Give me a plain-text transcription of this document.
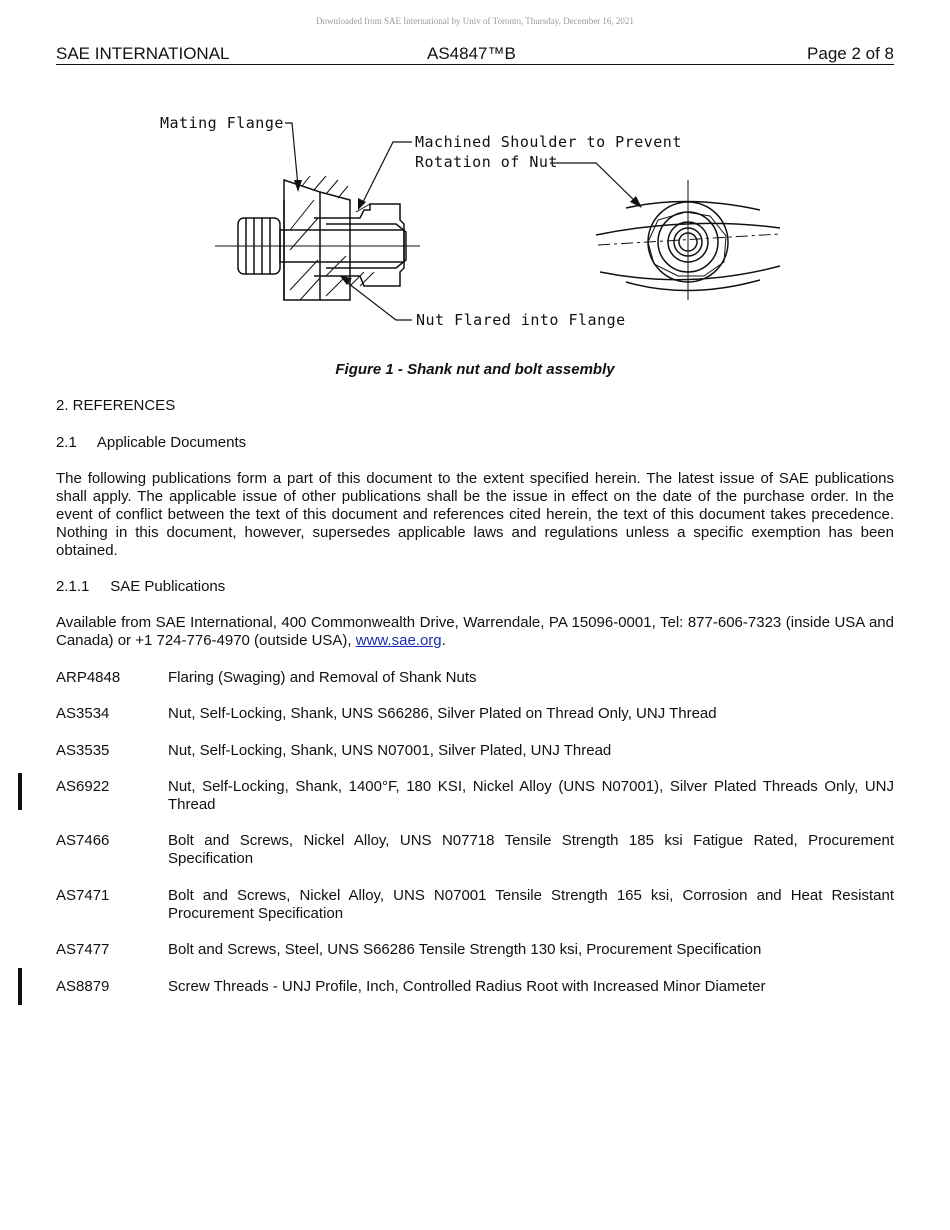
Downloaded from SAE International by Univ of Toronto, Thursday, December 16, 2021
SAE INTERNATIONAL	AS4847™B	Page 2 of 8
Mating Flange
Machined Shoulder to Prevent
Rotation of Nut
Nut Flared into Flange
Figure 1 - Shank nut and bolt assembly
2. REFERENCES
2.1     Applicable Documents
The following publications form a part of this document to the extent specified herein. The latest issue of SAE publications shall apply. The applicable issue of other publications shall be the issue in effect on the date of the purchase order. In the event of conflict between the text of this document and references cited herein, the text of this document takes precedence. Nothing in this document, however, supersedes applicable laws and regulations unless a specific exemption has been obtained.
2.1.1     SAE Publications
Available from SAE International, 400 Commonwealth Drive, Warrendale, PA 15096-0001, Tel: 877-606-7323 (inside USA and Canada) or +1 724-776-4970 (outside USA), www.sae.org.
ARP4848	Flaring (Swaging) and Removal of Shank Nuts
AS3534	Nut, Self-Locking, Shank, UNS S66286, Silver Plated on Thread Only, UNJ Thread
AS3535	Nut, Self-Locking, Shank, UNS N07001, Silver Plated, UNJ Thread
AS6922	Nut, Self-Locking, Shank, 1400°F, 180 KSI, Nickel Alloy (UNS N07001), Silver Plated Threads Only, UNJ Thread
AS7466	Bolt and Screws, Nickel Alloy, UNS N07718 Tensile Strength 185 ksi Fatigue Rated, Procurement Specification
AS7471	Bolt and Screws, Nickel Alloy, UNS N07001 Tensile Strength 165 ksi, Corrosion and Heat Resistant Procurement Specification
AS7477	Bolt and Screws, Steel, UNS S66286 Tensile Strength 130 ksi, Procurement Specification
AS8879	Screw Threads - UNJ Profile, Inch, Controlled Radius Root with Increased Minor Diameter
